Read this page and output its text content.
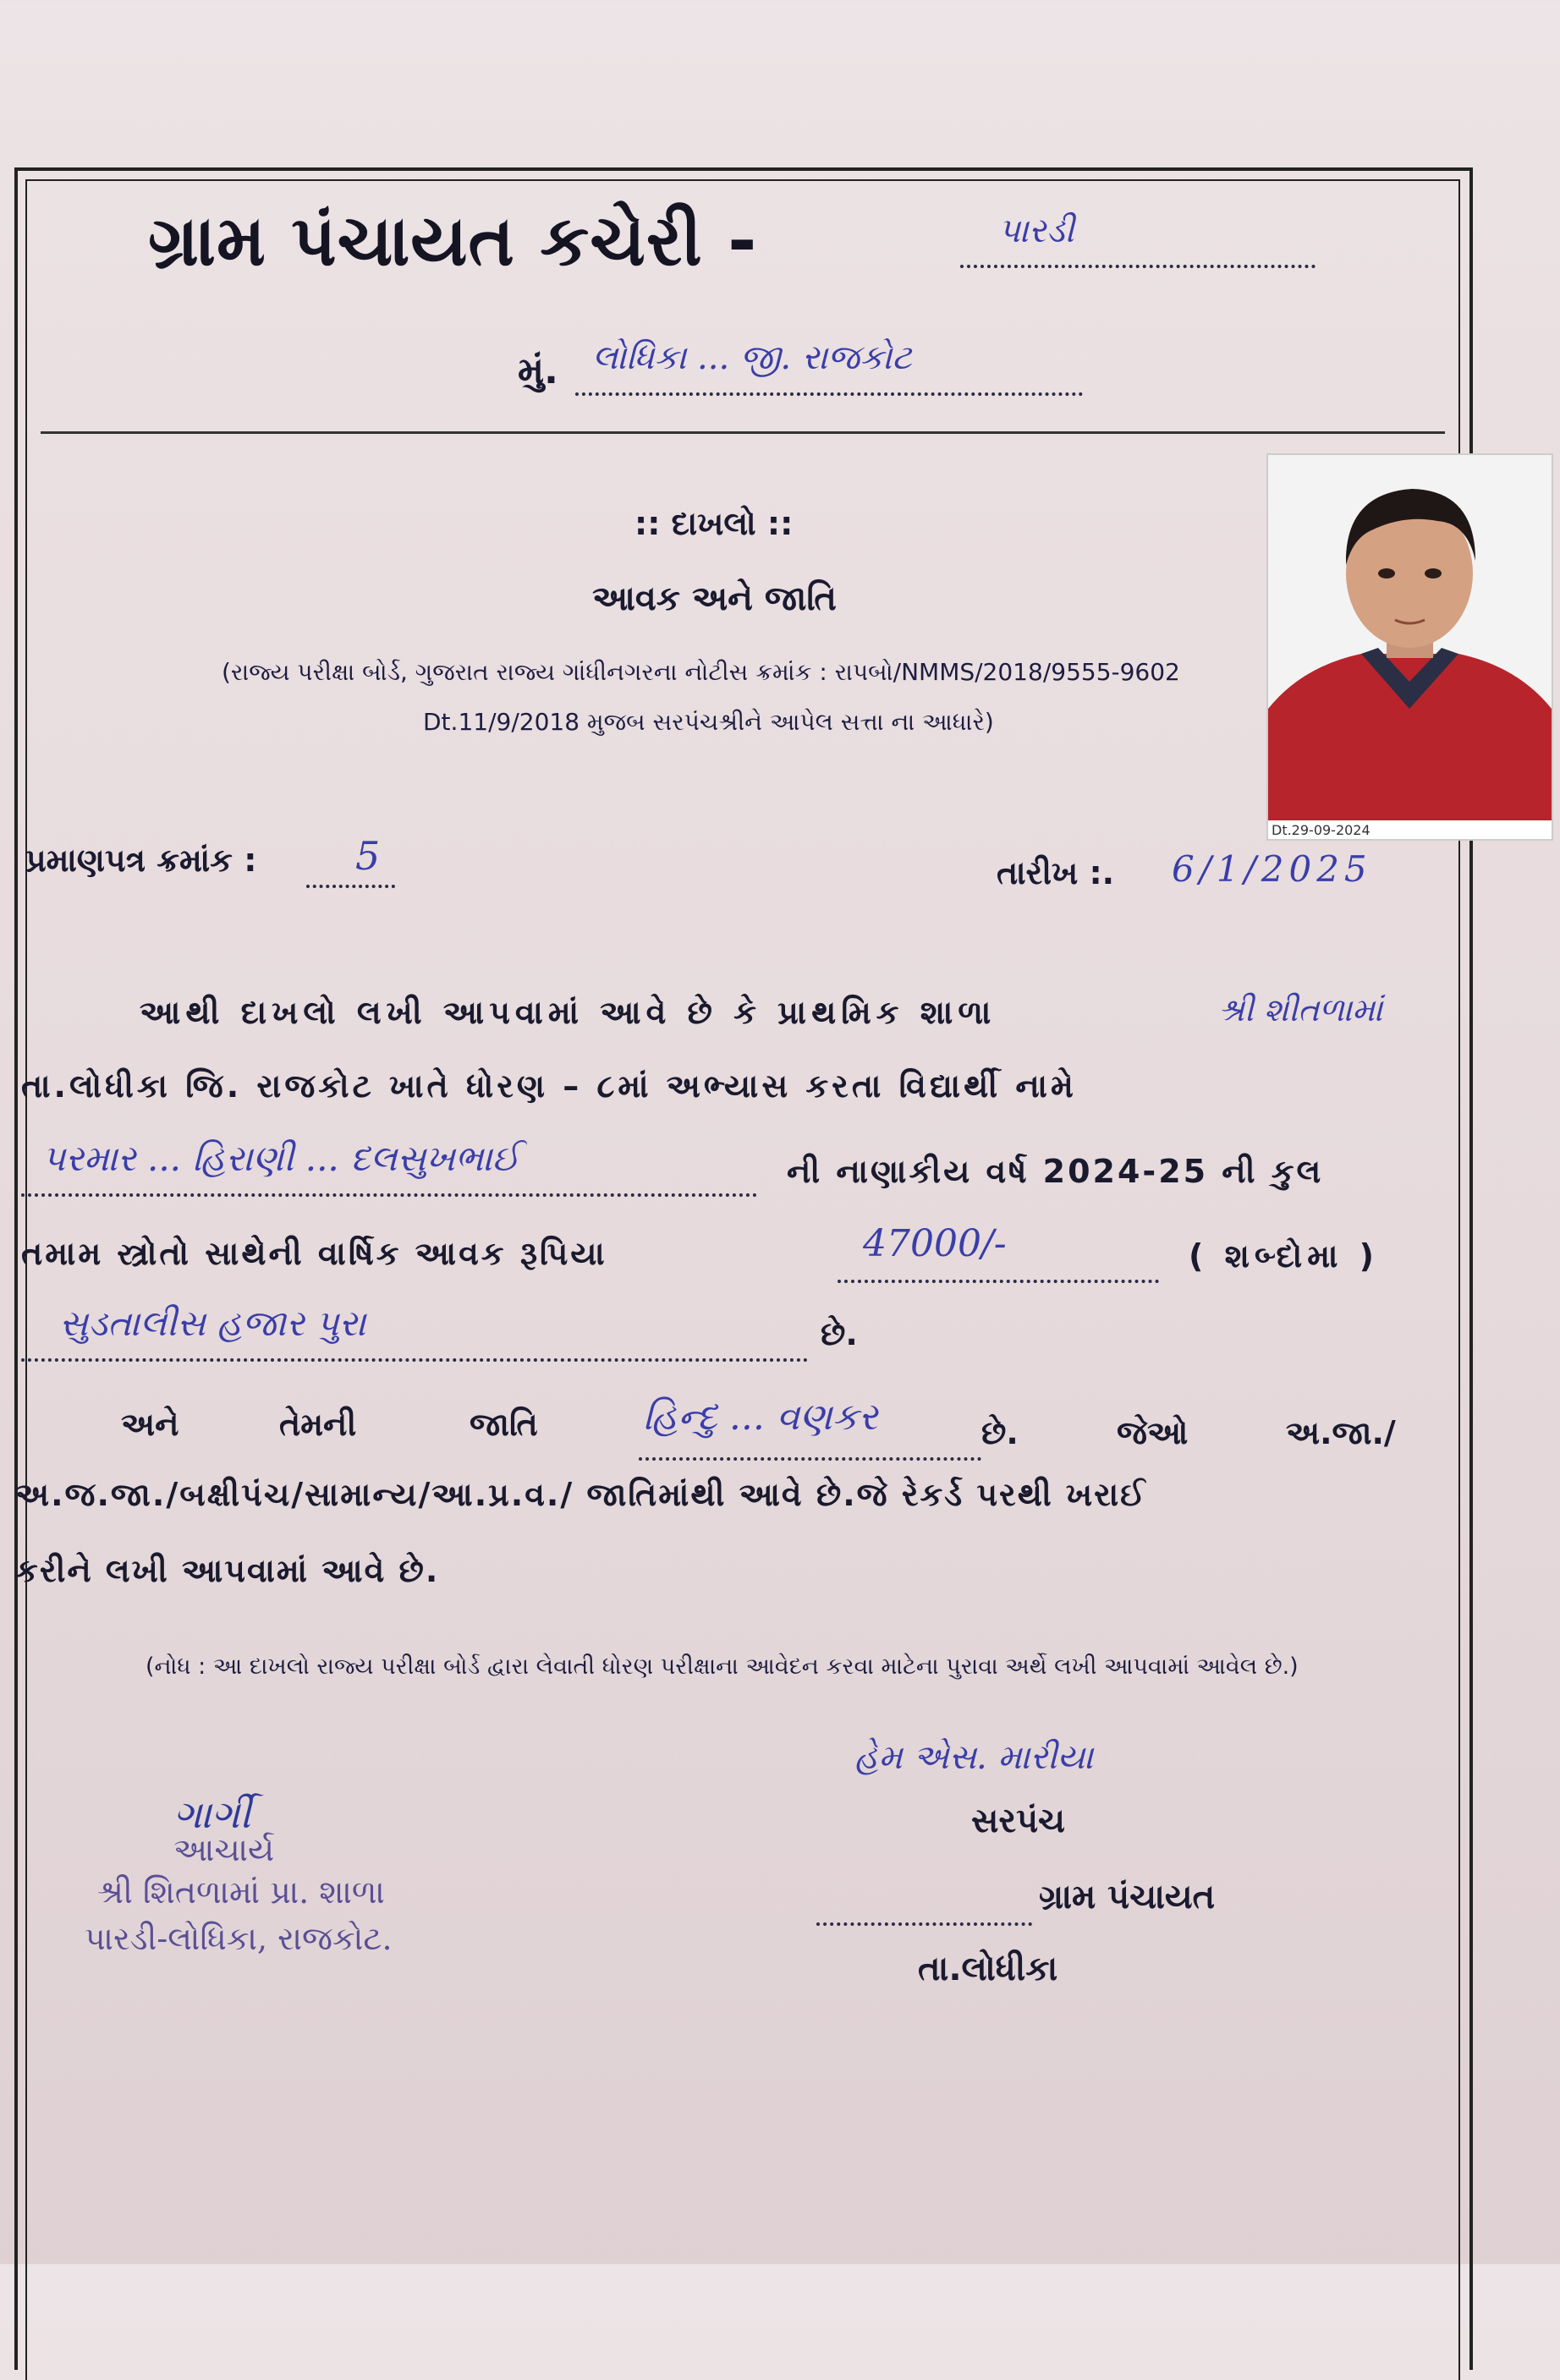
ગ્રામ પંચાયત કચેરી -	પારડી
મું. લોધિકા ... જી. રાજકોટ
:: દાખલો ::
આવક અને જાતિ
(રાજ્ય પરીક્ષા બોર્ડ, ગુજરાત રાજ્ય ગાંધીનગરના નોટીસ ક્રમાંક : રાપબો/NMMS/2018/9555-9602
Dt.11/9/2018 મુજબ સરપંચશ્રીને આપેલ સત્તા ના આધારે)
Dt.29-09-2024
પ્રમાણપત્ર ક્રમાંક :	5	તારીખ :. 6/1/2025
આથી દાખલો લખી આપવામાં આવે છે કે પ્રાથમિક શાળા	શ્રી શીતળામાં
તા.લોધીકા જિ. રાજકોટ ખાતે ધોરણ – ૮માં અભ્યાસ કરતા વિદ્યાર્થી નામે
પરમાર ... હિરાણી ... દલસુખભાઈ	ની નાણાકીય વર્ષ 2024-25 ની કુલ
તમામ સ્ત્રોતો સાથેની વાર્ષિક આવક રૂપિયા	47000/-	( શબ્દોમા )
સુડતાલીસ હજાર પુરા	છે.
અને	તેમની	જાતિ	હિન્દુ ... વણકર	છે.	જેઓ	અ.જા./
અ.જ.જા./બક્ષીપંચ/સામાન્ય/આ.પ્ર.વ./ જાતિમાંથી આવે છે.જે રેકર્ડ પરથી ખરાઈ
કરીને લખી આપવામાં આવે છે.
(નોધ : આ દાખલો રાજ્ય પરીક્ષા બોર્ડ દ્વારા લેવાતી ધોરણ પરીક્ષાના આવેદન કરવા માટેના પુરાવા અર્થે લખી આપવામાં આવેલ છે.)
હેમ એસ. મારીયા
સરપંચ
ગ્રામ પંચાયત
તા.લોધીકા
ગાર્ગી
આચાર્ય
શ્રી શિતળામાં પ્રા. શાળા
પારડી-લોધિકા, રાજકોટ.
